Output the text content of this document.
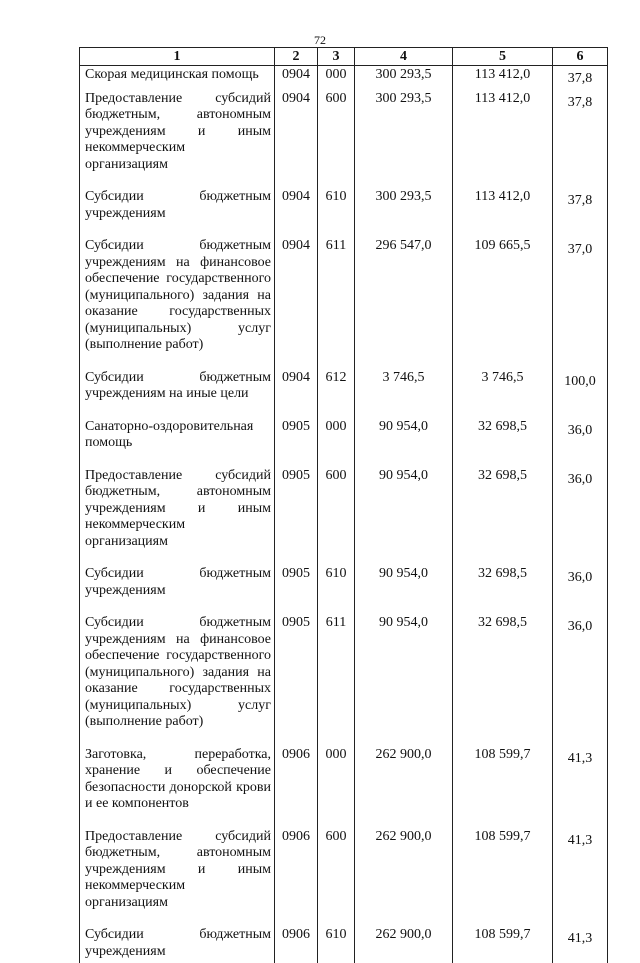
72
1	2	3	4	5	6
Скорая медицинская помощь	0904	000	300 293,5	113 412,0	37,8
Предоставление субсидий бюджетным, автономным учреждениям и иным некоммерческим организациям	0904	600	300 293,5	113 412,0	37,8
Субсидии бюджетным учреждениям	0904	610	300 293,5	113 412,0	37,8
Субсидии бюджетным учреждениям на финансовое обеспечение государственного (муниципального) задания на оказание государственных (муниципальных) услуг (выполнение работ)	0904	611	296 547,0	109 665,5	37,0
Субсидии бюджетным учреждениям на иные цели	0904	612	3 746,5	3 746,5	100,0
Санаторно-оздоровительная помощь	0905	000	90 954,0	32 698,5	36,0
Предоставление субсидий бюджетным, автономным учреждениям и иным некоммерческим организациям	0905	600	90 954,0	32 698,5	36,0
Субсидии бюджетным учреждениям	0905	610	90 954,0	32 698,5	36,0
Субсидии бюджетным учреждениям на финансовое обеспечение государственного (муниципального) задания на оказание государственных (муниципальных) услуг (выполнение работ)	0905	611	90 954,0	32 698,5	36,0
Заготовка, переработка, хранение и обеспечение безопасности донорской крови и ее компонентов	0906	000	262 900,0	108 599,7	41,3
Предоставление субсидий бюджетным, автономным учреждениям и иным некоммерческим организациям	0906	600	262 900,0	108 599,7	41,3
Субсидии бюджетным учреждениям	0906	610	262 900,0	108 599,7	41,3
